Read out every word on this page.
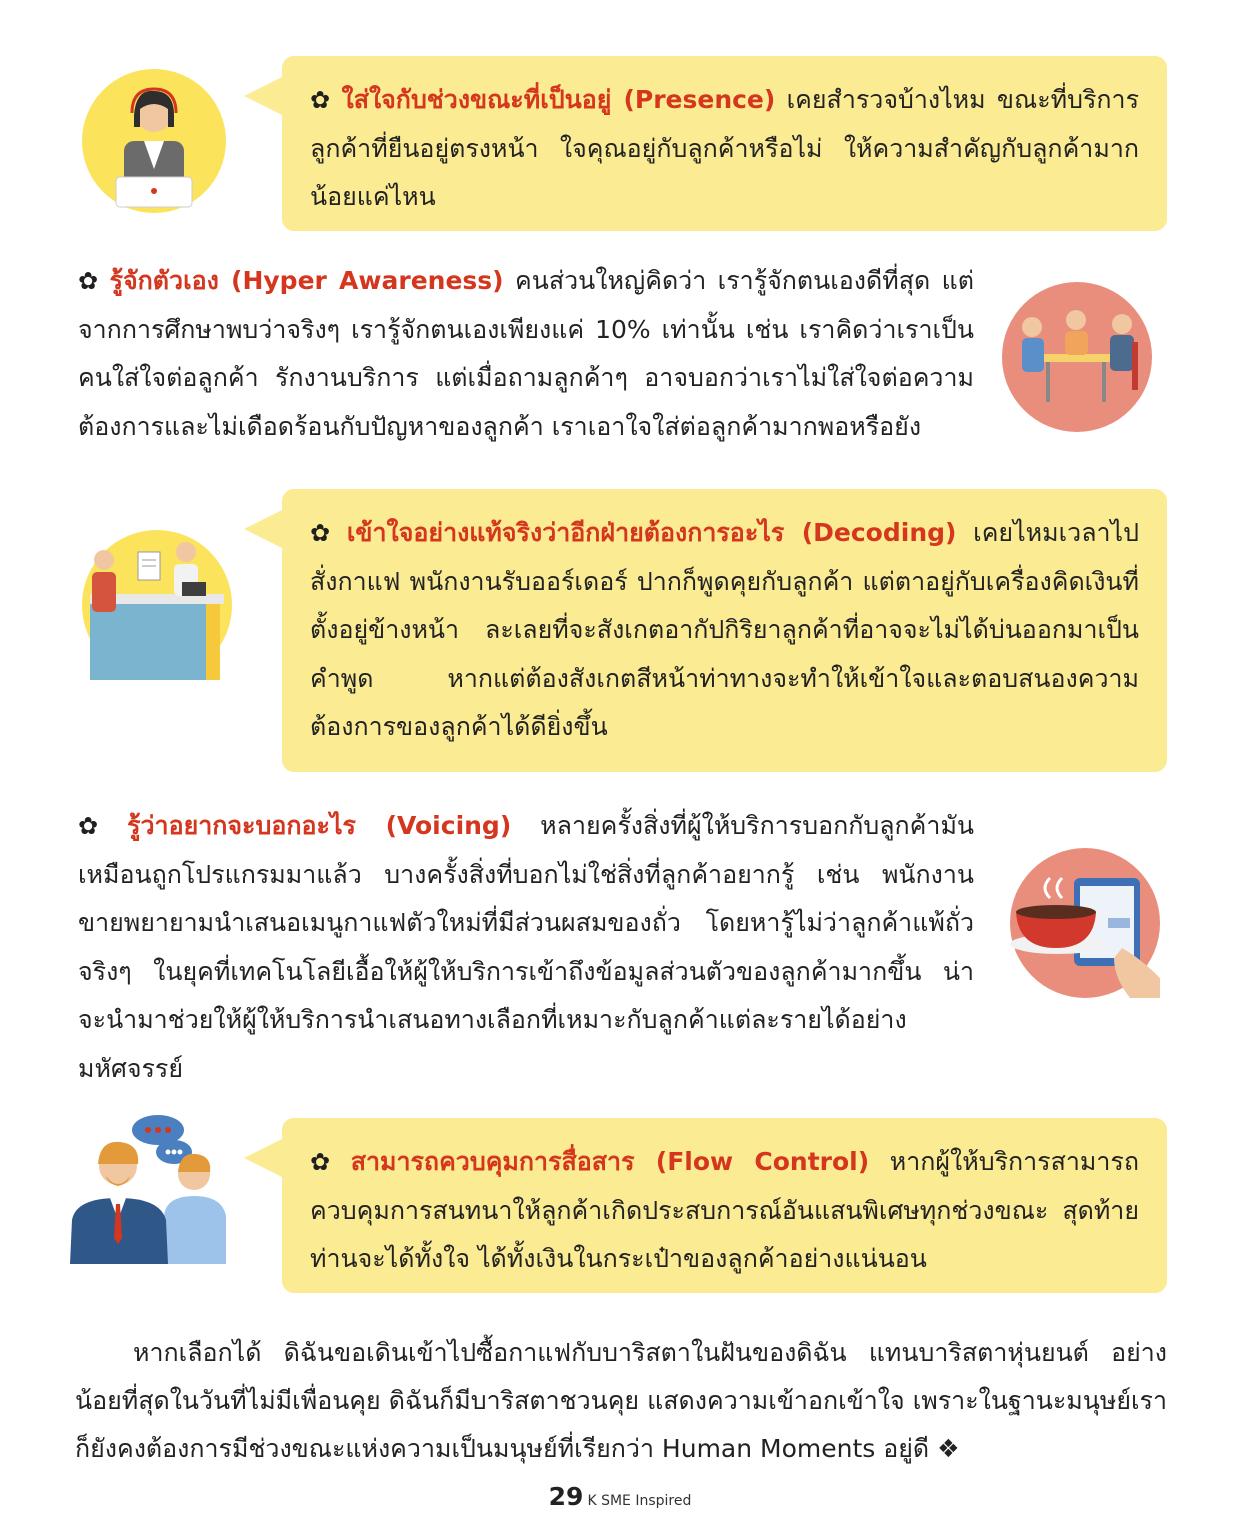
✿ ใส่ใจกับช่วงขณะที่เป็นอยู่ (Presence) เคยสำรวจบ้างไหม ขณะที่บริการลูกค้าที่ยืนอยู่ตรงหน้า ใจคุณอยู่กับลูกค้าหรือไม่ ให้ความสำคัญกับลูกค้ามากน้อยแค่ไหน

✿ รู้จักตัวเอง (Hyper Awareness) คนส่วนใหญ่คิดว่า เรารู้จักตนเองดีที่สุด แต่จากการศึกษาพบว่าจริงๆ เรารู้จักตนเองเพียงแค่ 10% เท่านั้น เช่น เราคิดว่าเราเป็นคนใส่ใจต่อลูกค้า รักงานบริการ แต่เมื่อถามลูกค้าๆ อาจบอกว่าเราไม่ใส่ใจต่อความต้องการและไม่เดือดร้อนกับปัญหาของลูกค้า เราเอาใจใส่ต่อลูกค้ามากพอหรือยัง

✿ เข้าใจอย่างแท้จริงว่าอีกฝ่ายต้องการอะไร (Decoding) เคยไหมเวลาไปสั่งกาแฟ พนักงานรับออร์เดอร์ ปากก็พูดคุยกับลูกค้า แต่ตาอยู่กับเครื่องคิดเงินที่ตั้งอยู่ข้างหน้า ละเลยที่จะสังเกตอากัปกิริยาลูกค้าที่อาจจะไม่ได้บ่นออกมาเป็นคำพูด หากแต่ต้องสังเกตสีหน้าท่าทางจะทำให้เข้าใจและตอบสนองความต้องการของลูกค้าได้ดียิ่งขึ้น

✿ รู้ว่าอยากจะบอกอะไร (Voicing) หลายครั้งสิ่งที่ผู้ให้บริการบอกกับลูกค้ามันเหมือนถูกโปรแกรมมาแล้ว บางครั้งสิ่งที่บอกไม่ใช่สิ่งที่ลูกค้าอยากรู้ เช่น พนักงานขายพยายามนำเสนอเมนูกาแฟตัวใหม่ที่มีส่วนผสมของถั่ว โดยหารู้ไม่ว่าลูกค้าแพ้ถั่ว จริงๆ ในยุคที่เทคโนโลยีเอื้อให้ผู้ให้บริการเข้าถึงข้อมูลส่วนตัวของลูกค้ามากขึ้น น่าจะนำมาช่วยให้ผู้ให้บริการนำเสนอทางเลือกที่เหมาะกับลูกค้าแต่ละรายได้อย่างมหัศจรรย์

✿ สามารถควบคุมการสื่อสาร (Flow Control) หากผู้ให้บริการสามารถควบคุมการสนทนาให้ลูกค้าเกิดประสบการณ์อันแสนพิเศษทุกช่วงขณะ สุดท้ายท่านจะได้ทั้งใจ ได้ทั้งเงินในกระเป๋าของลูกค้าอย่างแน่นอน

หากเลือกได้ ดิฉันขอเดินเข้าไปซื้อกาแฟกับบาริสตาในฝันของดิฉัน แทนบาริสตาหุ่นยนต์ อย่างน้อยที่สุดในวันที่ไม่มีเพื่อนคุย ดิฉันก็มีบาริสตาชวนคุย แสดงความเข้าอกเข้าใจ เพราะในฐานะมนุษย์เราก็ยังคงต้องการมีช่วงขณะแห่งความเป็นมนุษย์ที่เรียกว่า Human Moments อยู่ดี ❖

29 K SME Inspired
